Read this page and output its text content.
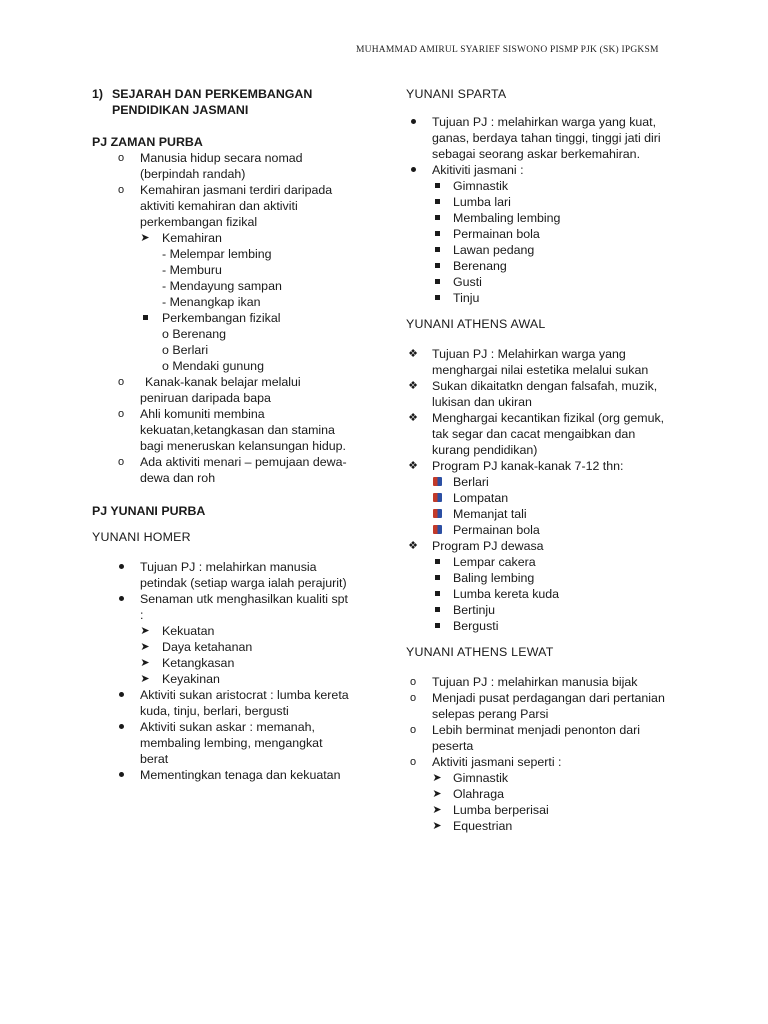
MUHAMMAD AMIRUL SYARIEF SISWONO PISMP PJK (SK) IPGKSM
1) SEJARAH DAN PERKEMBANGAN
PENDIDIKAN JASMANI
PJ ZAMAN PURBA
o	Manusia hidup secara nomad
(berpindah randah)
o	Kemahiran jasmani terdiri daripada
aktiviti kemahiran dan aktiviti
perkembangan fizikal
➤ Kemahiran
- Melempar lembing
- Memburu
- Mendayung sampan
- Menangkap ikan
Perkembangan fizikal
o Berenang
o Berlari
o Mendaki gunung
o	Kanak-kanak belajar melalui
peniruan daripada bapa
o	Ahli komuniti membina
kekuatan,ketangkasan dan stamina
bagi meneruskan kelansungan hidup.
o	Ada aktiviti menari – pemujaan dewa-
dewa dan roh
PJ YUNANI PURBA
YUNANI HOMER
Tujuan PJ : melahirkan manusia
petindak (setiap warga ialah perajurit)
Senaman utk menghasilkan kualiti spt
:
➤ Kekuatan
➤ Daya ketahanan
➤ Ketangkasan
➤ Keyakinan
Aktiviti sukan aristocrat : lumba kereta
kuda, tinju, berlari, bergusti
Aktiviti sukan askar : memanah,
membaling lembing, mengangkat
berat
Mementingkan tenaga dan kekuatan
YUNANI SPARTA
Tujuan PJ : melahirkan warga yang kuat,
ganas, berdaya tahan tinggi, tinggi jati diri
sebagai seorang askar berkemahiran.
Akitiviti jasmani :
Gimnastik
Lumba lari
Membaling lembing
Permainan bola
Lawan pedang
Berenang
Gusti
Tinju
YUNANI ATHENS AWAL
❖ Tujuan PJ : Melahirkan warga yang
menghargai nilai estetika melalui sukan
❖ Sukan dikaitatkn dengan falsafah, muzik,
lukisan dan ukiran
❖ Menghargai kecantikan fizikal (org gemuk,
tak segar dan cacat mengaibkan dan
kurang pendidikan)
❖ Program PJ kanak-kanak 7-12 thn:
Berlari
Lompatan
Memanjat tali
Permainan bola
❖ Program PJ dewasa
Lempar cakera
Baling lembing
Lumba kereta kuda
Bertinju
Bergusti
YUNANI ATHENS LEWAT
o	Tujuan PJ : melahirkan manusia bijak
o	Menjadi pusat perdagangan dari pertanian
selepas perang Parsi
o	Lebih berminat menjadi penonton dari
peserta
o	Aktiviti jasmani seperti :
➤ Gimnastik
➤ Olahraga
➤ Lumba berperisai
➤ Equestrian
